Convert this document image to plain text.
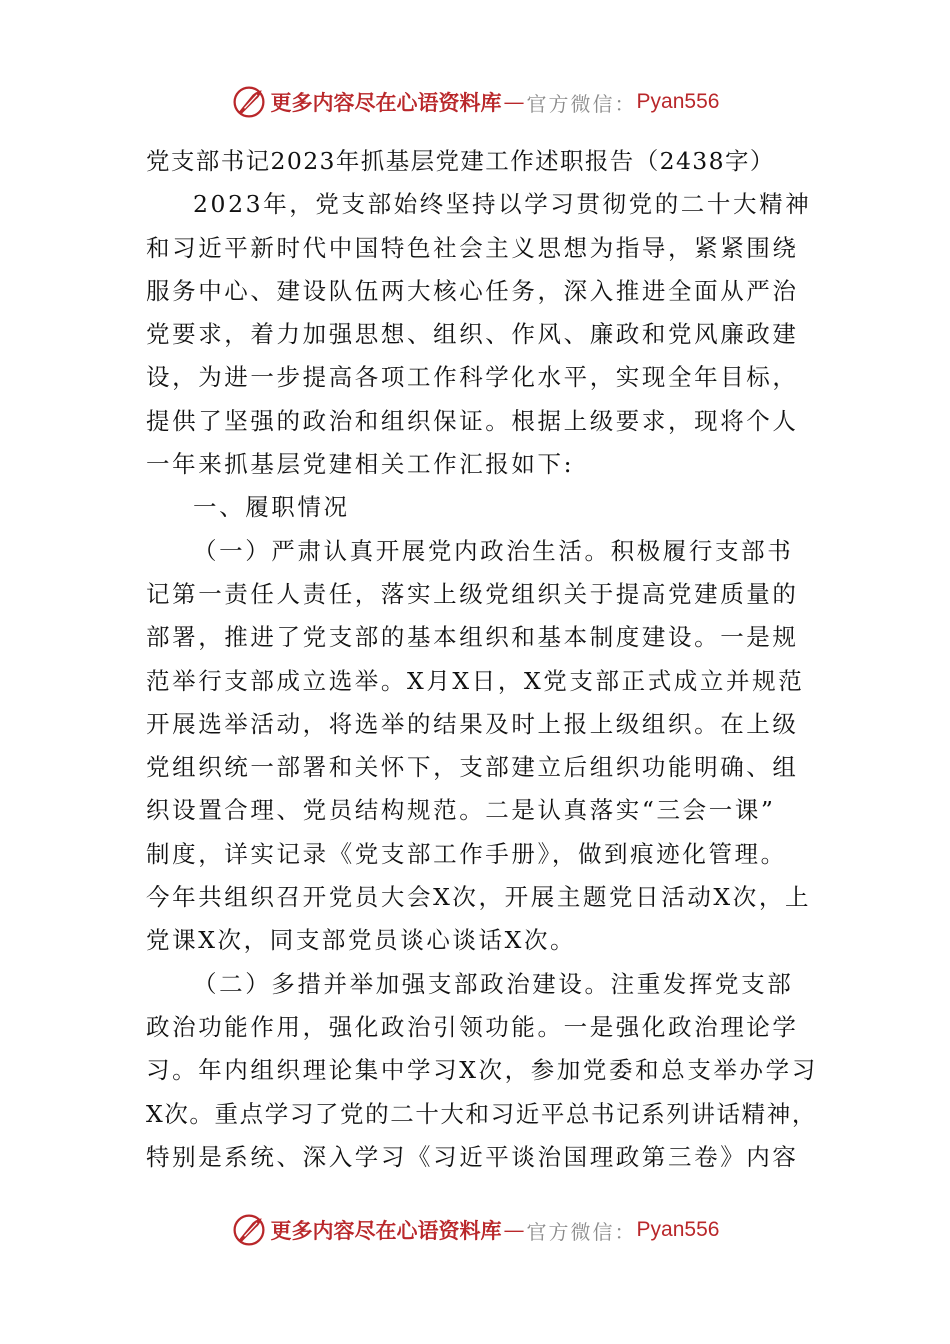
更多内容尽在心语资料库 — 官方微信： Pyan556
党支部书记2023年抓基层党建工作述职报告（2438字）
2023年，党支部始终坚持以学习贯彻党的二十大精神
和习近平新时代中国特色社会主义思想为指导，紧紧围绕
服务中心、建设队伍两大核心任务，深入推进全面从严治
党要求，着力加强思想、组织、作风、廉政和党风廉政建
设，为进一步提高各项工作科学化水平，实现全年目标，
提供了坚强的政治和组织保证。根据上级要求，现将个人
一年来抓基层党建相关工作汇报如下:
一、履职情况
（一）严肃认真开展党内政治生活。积极履行支部书
记第一责任人责任，落实上级党组织关于提高党建质量的
部署，推进了党支部的基本组织和基本制度建设。一是规
范举行支部成立选举。X月X日，X党支部正式成立并规范
开展选举活动，将选举的结果及时上报上级组织。在上级
党组织统一部署和关怀下，支部建立后组织功能明确、组
织设置合理、党员结构规范。二是认真落实“三会一课”
制度，详实记录《党支部工作手册》，做到痕迹化管理。
今年共组织召开党员大会X次，开展主题党日活动X次，上
党课X次，同支部党员谈心谈话X次。
（二）多措并举加强支部政治建设。注重发挥党支部
政治功能作用，强化政治引领功能。一是强化政治理论学
习。年内组织理论集中学习X次，参加党委和总支举办学习
X次。重点学习了党的二十大和习近平总书记系列讲话精神，
特别是系统、深入学习《习近平谈治国理政第三卷》内容
更多内容尽在心语资料库 — 官方微信： Pyan556
